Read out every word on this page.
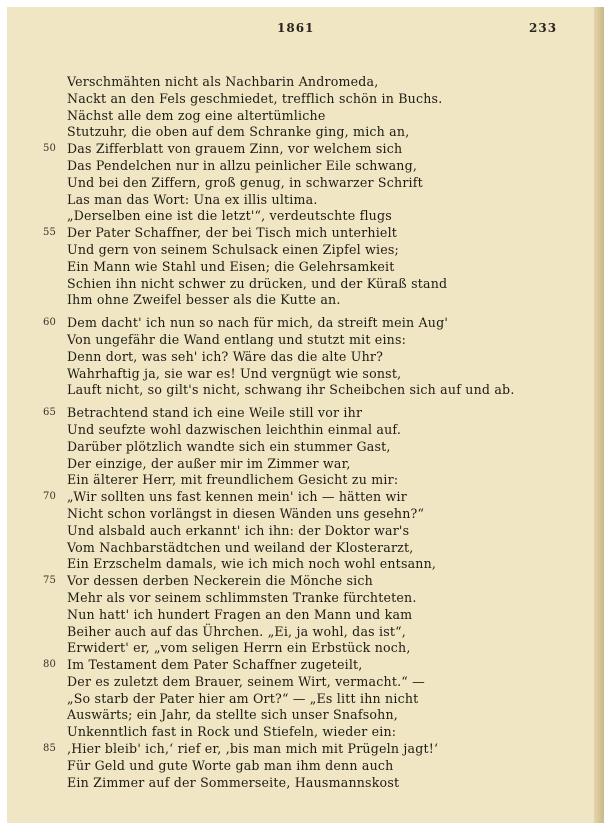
1861	233
Verschmähten nicht als Nachbarin Andromeda,
Nackt an den Fels geschmiedet, trefflich schön in Buchs.
Nächst alle dem zog eine altertümliche
Stutzuhr, die oben auf dem Schranke ging, mich an,
50 Das Zifferblatt von grauem Zinn, vor welchem sich
Das Pendelchen nur in allzu peinlicher Eile schwang,
Und bei den Ziffern, groß genug, in schwarzer Schrift
Las man das Wort: Una ex illis ultima.
„Derselben eine ist die letzt'“, verdeutschte flugs
55 Der Pater Schaffner, der bei Tisch mich unterhielt
Und gern von seinem Schulsack einen Zipfel wies;
Ein Mann wie Stahl und Eisen; die Gelehrsamkeit
Schien ihn nicht schwer zu drücken, und der Küraß stand
Ihm ohne Zweifel besser als die Kutte an.
60 Dem dacht' ich nun so nach für mich, da streift mein Aug'
Von ungefähr die Wand entlang und stutzt mit eins:
Denn dort, was seh' ich? Wäre das die alte Uhr?
Wahrhaftig ja, sie war es! Und vergnügt wie sonst,
Lauft nicht, so gilt's nicht, schwang ihr Scheibchen sich auf und ab.
65 Betrachtend stand ich eine Weile still vor ihr
Und seufzte wohl dazwischen leichthin einmal auf.
Darüber plötzlich wandte sich ein stummer Gast,
Der einzige, der außer mir im Zimmer war,
Ein älterer Herr, mit freundlichem Gesicht zu mir:
70 „Wir sollten uns fast kennen mein' ich — hätten wir
Nicht schon vorlängst in diesen Wänden uns gesehn?“
Und alsbald auch erkannt' ich ihn: der Doktor war's
Vom Nachbarstädtchen und weiland der Klosterarzt,
Ein Erzschelm damals, wie ich mich noch wohl entsann,
75 Vor dessen derben Neckerein die Mönche sich
Mehr als vor seinem schlimmsten Tranke fürchteten.
Nun hatt' ich hundert Fragen an den Mann und kam
Beiher auch auf das Ührchen. „Ei, ja wohl, das ist“,
Erwidert' er, „vom seligen Herrn ein Erbstück noch,
80 Im Testament dem Pater Schaffner zugeteilt,
Der es zuletzt dem Brauer, seinem Wirt, vermacht.“ —
„So starb der Pater hier am Ort?“ — „Es litt ihn nicht
Auswärts; ein Jahr, da stellte sich unser Snafsohn,
Unkenntlich fast in Rock und Stiefeln, wieder ein:
85 ‚Hier bleib' ich,‘ rief er, ‚bis man mich mit Prügeln jagt!‘
Für Geld und gute Worte gab man ihm denn auch
Ein Zimmer auf der Sommerseite, Hausmannskost
